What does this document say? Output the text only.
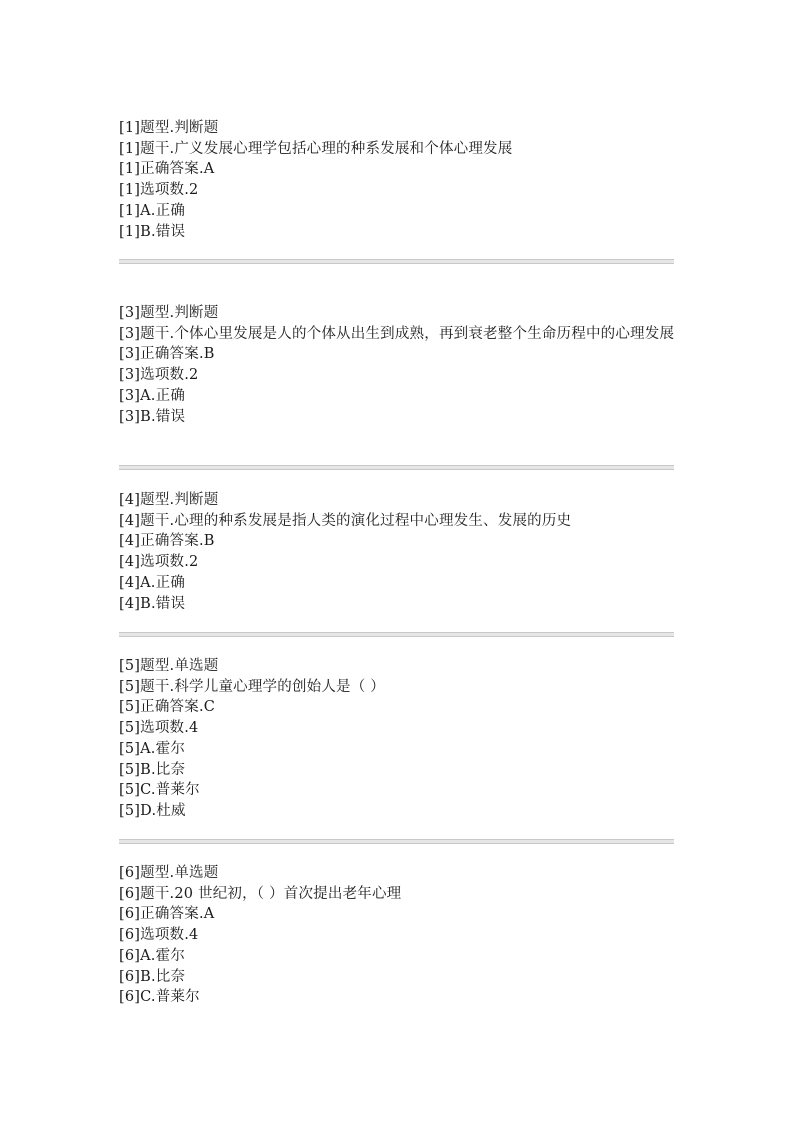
[1]题型.判断题
[1]题干.广义发展心理学包括心理的种系发展和个体心理发展
[1]正确答案.A
[1]选项数.2
[1]A.正确
[1]B.错误
[3]题型.判断题
[3]题干.个体心里发展是人的个体从出生到成熟，再到衰老整个生命历程中的心理发展
[3]正确答案.B
[3]选项数.2
[3]A.正确
[3]B.错误
[4]题型.判断题
[4]题干.心理的种系发展是指人类的演化过程中心理发生、发展的历史
[4]正确答案.B
[4]选项数.2
[4]A.正确
[4]B.错误
[5]题型.单选题
[5]题干.科学儿童心理学的创始人是（ ）
[5]正确答案.C
[5]选项数.4
[5]A.霍尔
[5]B.比奈
[5]C.普莱尔
[5]D.杜威
[6]题型.单选题
[6]题干.20 世纪初，（ ）首次提出老年心理
[6]正确答案.A
[6]选项数.4
[6]A.霍尔
[6]B.比奈
[6]C.普莱尔
